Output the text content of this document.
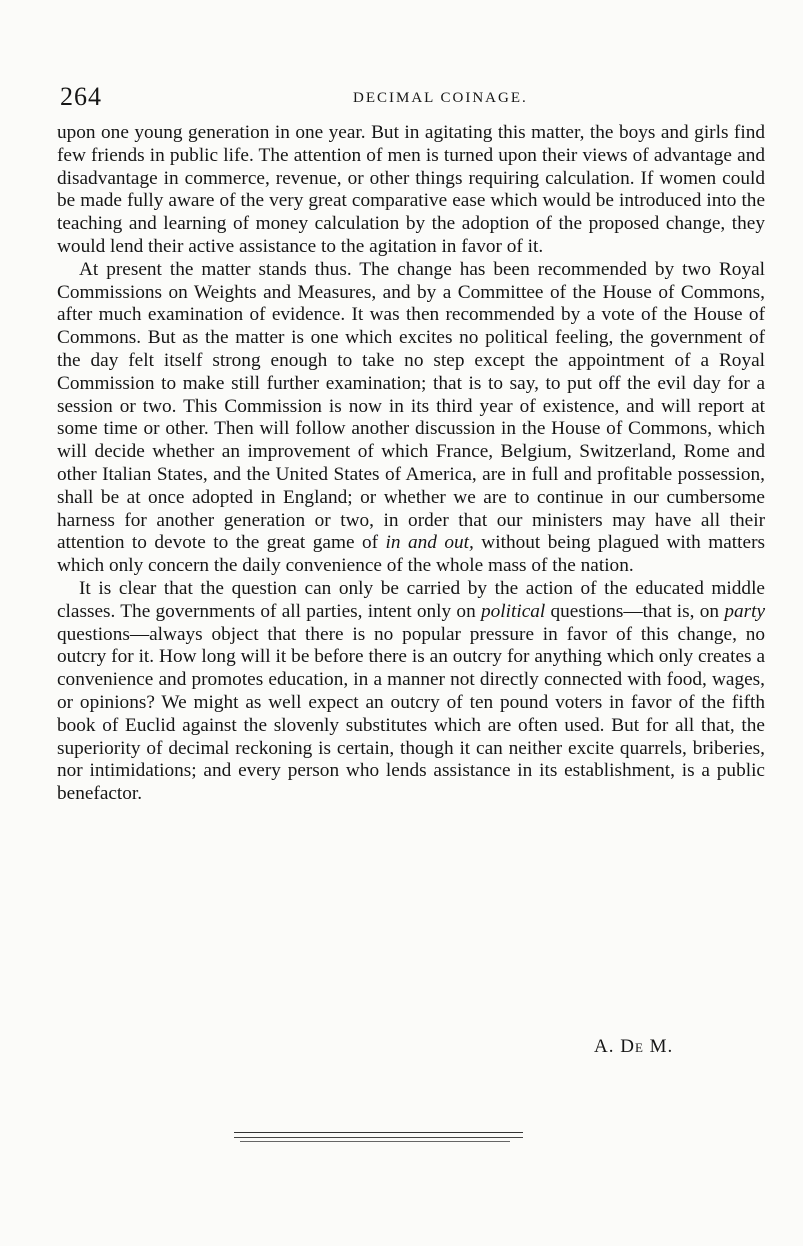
264	DECIMAL COINAGE.

upon one young generation in one year. But in agitating this matter, the boys and girls find few friends in public life. The attention of men is turned upon their views of advantage and disadvantage in commerce, revenue, or other things requiring calculation. If women could be made fully aware of the very great comparative ease which would be introduced into the teaching and learning of money calculation by the adoption of the proposed change, they would lend their active assistance to the agitation in favor of it.

At present the matter stands thus. The change has been recommended by two Royal Commissions on Weights and Measures, and by a Committee of the House of Commons, after much examination of evidence. It was then recommended by a vote of the House of Commons. But as the matter is one which excites no political feeling, the government of the day felt itself strong enough to take no step except the appointment of a Royal Commission to make still further examination; that is to say, to put off the evil day for a session or two. This Commission is now in its third year of existence, and will report at some time or other. Then will follow another discussion in the House of Commons, which will decide whether an improvement of which France, Belgium, Switzerland, Rome and other Italian States, and the United States of America, are in full and profitable possession, shall be at once adopted in England; or whether we are to continue in our cumbersome harness for another generation or two, in order that our ministers may have all their attention to devote to the great game of in and out, without being plagued with matters which only concern the daily convenience of the whole mass of the nation.

It is clear that the question can only be carried by the action of the educated middle classes. The governments of all parties, intent only on political questions—that is, on party questions—always object that there is no popular pressure in favor of this change, no outcry for it. How long will it be before there is an outcry for anything which only creates a convenience and promotes education, in a manner not directly connected with food, wages, or opinions? We might as well expect an outcry of ten pound voters in favor of the fifth book of Euclid against the slovenly substitutes which are often used. But for all that, the superiority of decimal reckoning is certain, though it can neither excite quarrels, briberies, nor intimidations; and every person who lends assistance in its establishment, is a public benefactor.

A. De M.
